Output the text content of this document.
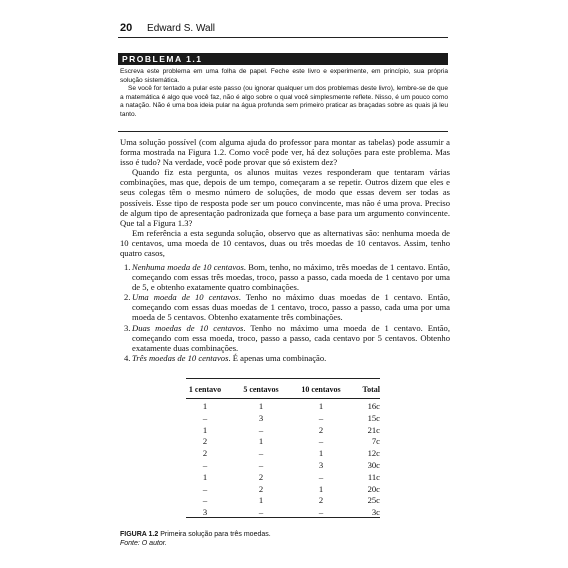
20 Edward S. Wall
PROBLEMA 1.1

Escreva este problema em uma folha de papel. Feche este livro e experimente, em princípio, sua própria solução sistemática.

Se você for tentado a pular este passo (ou ignorar qualquer um dos problemas deste livro), lembre-se de que a matemática é algo que você faz, não é algo sobre o qual você simplesmente reflete. Nisso, é um pouco como a natação. Não é uma boa ideia pular na água profunda sem primeiro praticar as braçadas sobre as quais já leu tanto.

Uma solução possível (com alguma ajuda do professor para montar as tabelas) pode assumir a forma mostrada na Figura 1.2. Como você pode ver, há dez soluções para este problema. Mas isso é tudo? Na verdade, você pode provar que só existem dez?

Quando fiz esta pergunta, os alunos muitas vezes responderam que tentaram várias combinações, mas que, depois de um tempo, começaram a se repetir. Outros dizem que eles e seus colegas têm o mesmo número de soluções, de modo que essas devem ser todas as possíveis. Esse tipo de resposta pode ser um pouco convincente, mas não é uma prova. Preciso de algum tipo de apresentação padronizada que forneça a base para um argumento convincente. Que tal a Figura 1.3?

Em referência a esta segunda solução, observo que as alternativas são: nenhuma moeda de 10 centavos, uma moeda de 10 centavos, duas ou três moedas de 10 centavos. Assim, tenho quatro casos,

1. Nenhuma moeda de 10 centavos. Bom, tenho, no máximo, três moedas de 1 centavo. Então, começando com essas três moedas, troco, passo a passo, cada moeda de 1 centavo por uma de 5, e obtenho exatamente quatro combinações.

2. Uma moeda de 10 centavos. Tenho no máximo duas moedas de 1 centavo. Então, começando com essas duas moedas de 1 centavo, troco, passo a passo, cada uma por uma moeda de 5 centavos. Obtenho exatamente três combinações.

3. Duas moedas de 10 centavos. Tenho no máximo uma moeda de 1 centavo. Então, começando com essa moeda, troco, passo a passo, cada centavo por 5 centavos. Obtenho exatamente duas combinações.

4. Três moedas de 10 centavos. É apenas uma combinação.

1 centavo	5 centavos	10 centavos	Total
1	1	1	16c
–	3	–	15c
1	–	2	21c
2	1	–	7c
2	–	1	12c
–	–	3	30c
1	2	–	11c
–	2	1	20c
–	1	2	25c
3	–	–	3c
FIGURA 1.2 Primeira solução para três moedas.
Fonte: O autor.
